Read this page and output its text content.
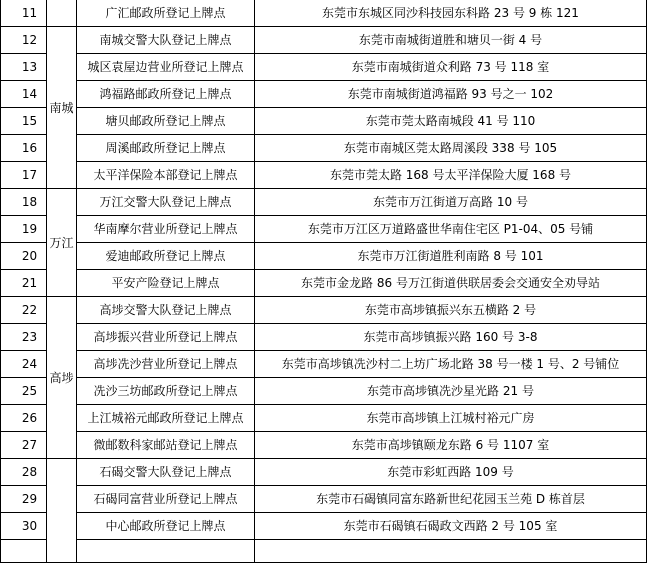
11		广汇邮政所登记上牌点	东莞市东城区同沙科技园东科路 23 号 9 栋 121
12	南城	南城交警大队登记上牌点	东莞市南城街道胜和塘贝一街 4 号
13		城区袁屋边营业所登记上牌点	东莞市南城街道众利路 73 号 118 室
14		鸿福路邮政所登记上牌点	东莞市南城街道鸿福路 93 号之一 102
15		塘贝邮政所登记上牌点	东莞市莞太路南城段 41 号 110
16		周溪邮政所登记上牌点	东莞市南城区莞太路周溪段 338 号 105
17		太平洋保险本部登记上牌点	东莞市莞太路 168 号太平洋保险大厦 168 号
18	万江	万江交警大队登记上牌点	东莞市万江街道万高路 10 号
19		华南摩尔营业所登记上牌点	东莞市万江区万道路盛世华南住宅区 P1-04、05 号铺
20		爱迪邮政所登记上牌点	东莞市万江街道胜利南路 8 号 101
21		平安产险登记上牌点	东莞市金龙路 86 号万江街道供联居委会交通安全劝导站
22	高埗	高埗交警大队登记上牌点	东莞市高埗镇振兴东五横路 2 号
23		高埗振兴营业所登记上牌点	东莞市高埗镇振兴路 160 号 3-8
24		高埗冼沙营业所登记上牌点	东莞市高埗镇冼沙村二上坊广场北路 38 号一楼 1 号、2 号铺位
25		冼沙三坊邮政所登记上牌点	东莞市高埗镇冼沙星光路 21 号
26		上江城裕元邮政所登记上牌点	东莞市高埗镇上江城村裕元广房
27		微邮数科家邮站登记上牌点	东莞市高埗镇颐龙东路 6 号 1107 室
28		石碣交警大队登记上牌点	东莞市彩虹西路 109 号
29		石碣同富营业所登记上牌点	东莞市石碣镇同富东路新世纪花园玉兰苑 D 栋首层
30		中心邮政所登记上牌点	东莞市石碣镇石碣政文西路 2 号 105 室
